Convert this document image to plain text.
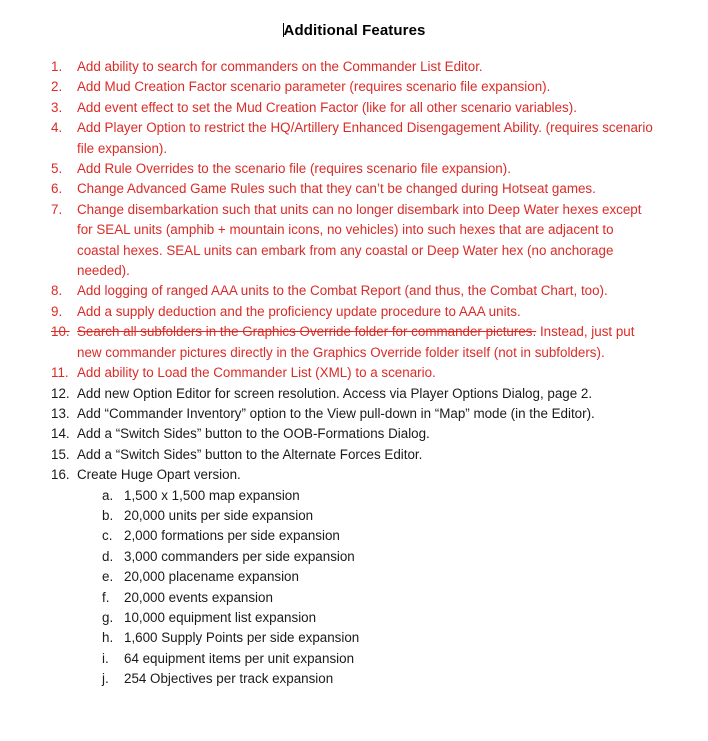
Additional Features
1.	Add ability to search for commanders on the Commander List Editor.
2.	Add Mud Creation Factor scenario parameter (requires scenario file expansion).
3.	Add event effect to set the Mud Creation Factor (like for all other scenario variables).
4.	Add Player Option to restrict the HQ/Artillery Enhanced Disengagement Ability. (requires scenario file expansion).
5.	Add Rule Overrides to the scenario file (requires scenario file expansion).
6.	Change Advanced Game Rules such that they can’t be changed during Hotseat games.
7.	Change disembarkation such that units can no longer disembark into Deep Water hexes except for SEAL units (amphib + mountain icons, no vehicles) into such hexes that are adjacent to coastal hexes. SEAL units can embark from any coastal or Deep Water hex (no anchorage needed).
8.	Add logging of ranged AAA units to the Combat Report (and thus, the Combat Chart, too).
9.	Add a supply deduction and the proficiency update procedure to AAA units.
10. Search all subfolders in the Graphics Override folder for commander pictures. Instead, just put new commander pictures directly in the Graphics Override folder itself (not in subfolders).
11. Add ability to Load the Commander List (XML) to a scenario.
12. Add new Option Editor for screen resolution. Access via Player Options Dialog, page 2.
13. Add “Commander Inventory” option to the View pull-down in “Map” mode (in the Editor).
14. Add a “Switch Sides” button to the OOB-Formations Dialog.
15. Add a “Switch Sides” button to the Alternate Forces Editor.
16. Create Huge Opart version.
a. 1,500 x 1,500 map expansion
b. 20,000 units per side expansion
c. 2,000 formations per side expansion
d. 3,000 commanders per side expansion
e. 20,000 placename expansion
f.	20,000 events expansion
g. 10,000 equipment list expansion
h. 1,600 Supply Points per side expansion
i.	64 equipment items per unit expansion
j.	254 Objectives per track expansion
